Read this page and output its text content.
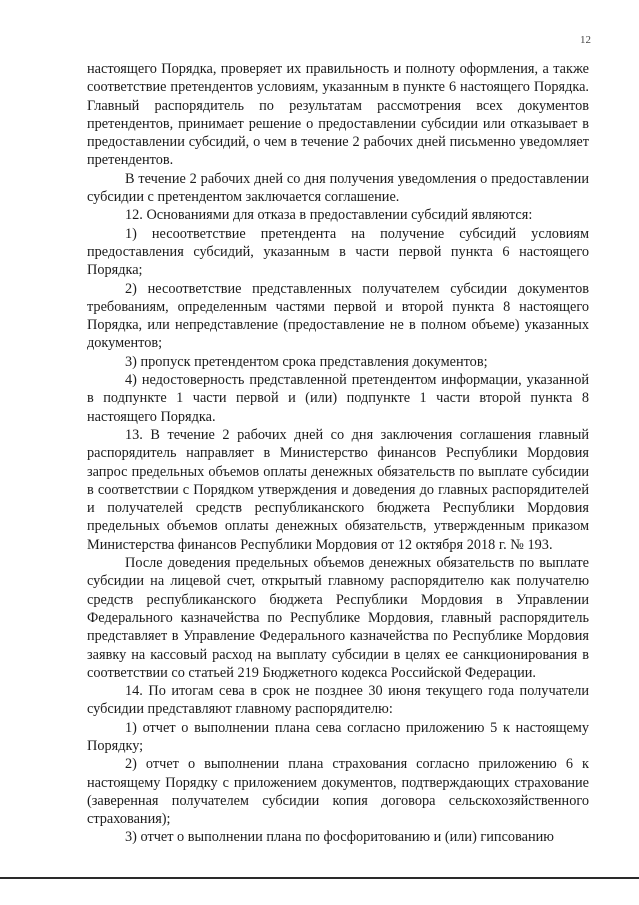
12

настоящего Порядка, проверяет их правильность и полноту оформления, а также соответствие претендентов условиям, указанным в пункте 6 настоящего Порядка. Главный распорядитель по результатам рассмотрения всех документов претендентов, принимает решение о предоставлении субсидии или отказывает в предоставлении субсидий, о чем в течение 2 рабочих дней письменно уведомляет претендентов.

В течение 2 рабочих дней со дня получения уведомления о предоставлении субсидии с претендентом заключается соглашение.

12. Основаниями для отказа в предоставлении субсидий являются:

1) несоответствие претендента на получение субсидий условиям предоставления субсидий, указанным в части первой пункта 6 настоящего Порядка;

2) несоответствие представленных получателем субсидии документов требованиям, определенным частями первой и второй пункта 8 настоящего Порядка, или непредставление (предоставление не в полном объеме) указанных документов;

3) пропуск претендентом срока представления документов;

4) недостоверность представленной претендентом информации, указанной в подпункте 1 части первой и (или) подпункте 1 части второй пункта 8 настоящего Порядка.

13. В течение 2 рабочих дней со дня заключения соглашения главный распорядитель направляет в Министерство финансов Республики Мордовия запрос предельных объемов оплаты денежных обязательств по выплате субсидии в соответствии с Порядком утверждения и доведения до главных распорядителей и получателей средств республиканского бюджета Республики Мордовия предельных объемов оплаты денежных обязательств, утвержденным приказом Министерства финансов Республики Мордовия от 12 октября 2018 г. № 193.

После доведения предельных объемов денежных обязательств по выплате субсидии на лицевой счет, открытый главному распорядителю как получателю средств республиканского бюджета Республики Мордовия в Управлении Федерального казначейства по Республике Мордовия, главный распорядитель представляет в Управление Федерального казначейства по Республике Мордовия заявку на кассовый расход на выплату субсидии в целях ее санкционирования в соответствии со статьей 219 Бюджетного кодекса Российской Федерации.

14. По итогам сева в срок не позднее 30 июня текущего года получатели субсидии представляют главному распорядителю:

1) отчет о выполнении плана сева согласно приложению 5 к настоящему Порядку;

2) отчет о выполнении плана страхования согласно приложению 6 к настоящему Порядку с приложением документов, подтверждающих страхование (заверенная получателем субсидии копия договора сельскохозяйственного страхования);

3) отчет о выполнении плана по фосфоритованию и (или) гипсованию
